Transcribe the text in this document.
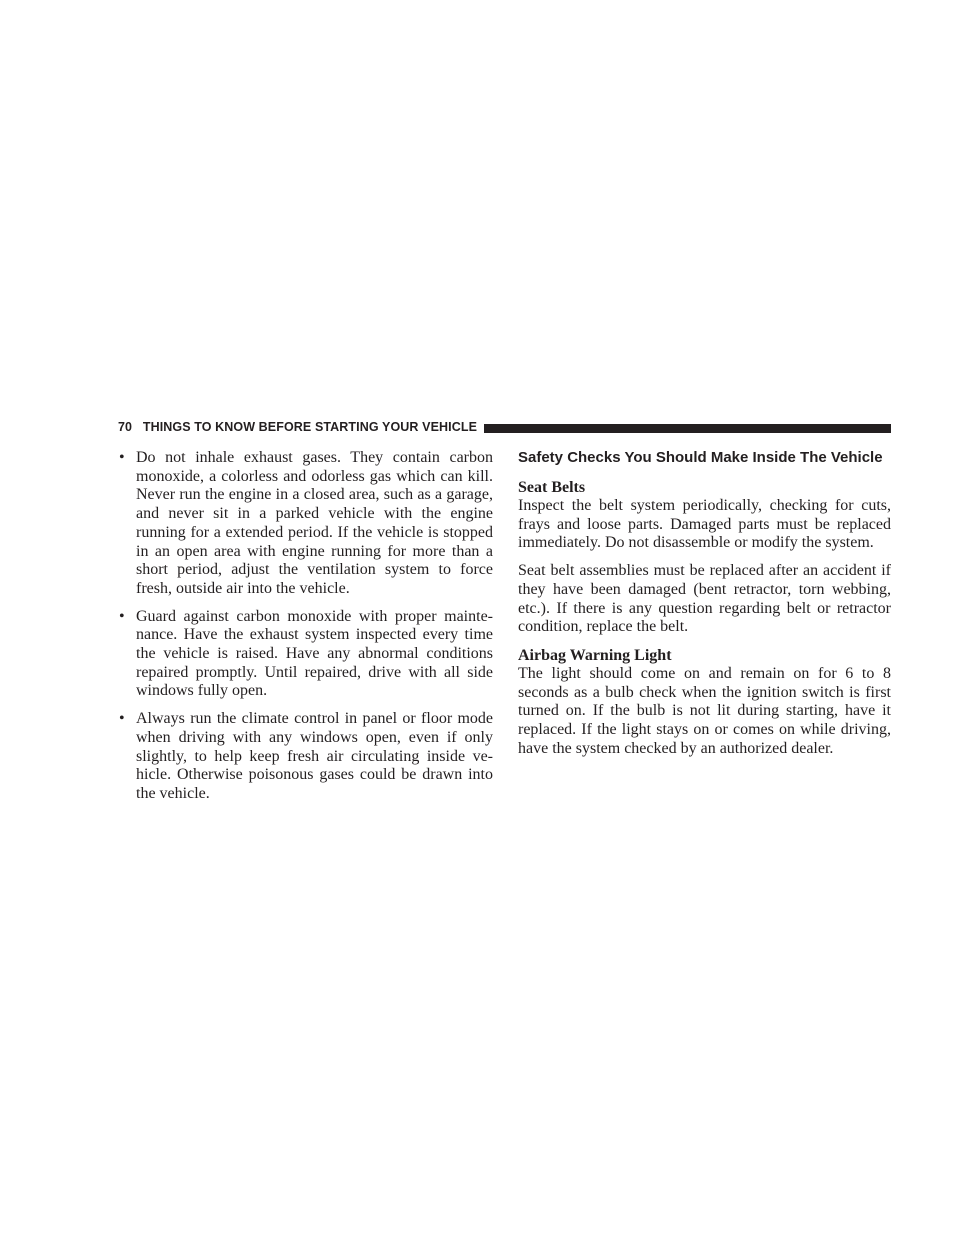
70 THINGS TO KNOW BEFORE STARTING YOUR VEHICLE
• Do not inhale exhaust gases. They contain carbon monoxide, a colorless and odorless gas which can kill. Never run the engine in a closed area, such as a garage, and never sit in a parked vehicle with the engine running for a extended period. If the vehicle is stopped in an open area with engine running for more than a short period, adjust the ventilation system to force fresh, outside air into the vehicle.

• Guard against carbon monoxide with proper mainte-nance. Have the exhaust system inspected every time the vehicle is raised. Have any abnormal conditions repaired promptly. Until repaired, drive with all side windows fully open.

• Always run the climate control in panel or floor mode when driving with any windows open, even if only slightly, to help keep fresh air circulating inside ve-hicle. Otherwise poisonous gases could be drawn into the vehicle.

Safety Checks You Should Make Inside The Vehicle
Seat Belts

Inspect the belt system periodically, checking for cuts, frays and loose parts. Damaged parts must be replaced immediately. Do not disassemble or modify the system.

Seat belt assemblies must be replaced after an accident if they have been damaged (bent retractor, torn webbing, etc.). If there is any question regarding belt or retractor condition, replace the belt.

Airbag Warning Light

The light should come on and remain on for 6 to 8 seconds as a bulb check when the ignition switch is first turned on. If the bulb is not lit during starting, have it replaced. If the light stays on or comes on while driving, have the system checked by an authorized dealer.
